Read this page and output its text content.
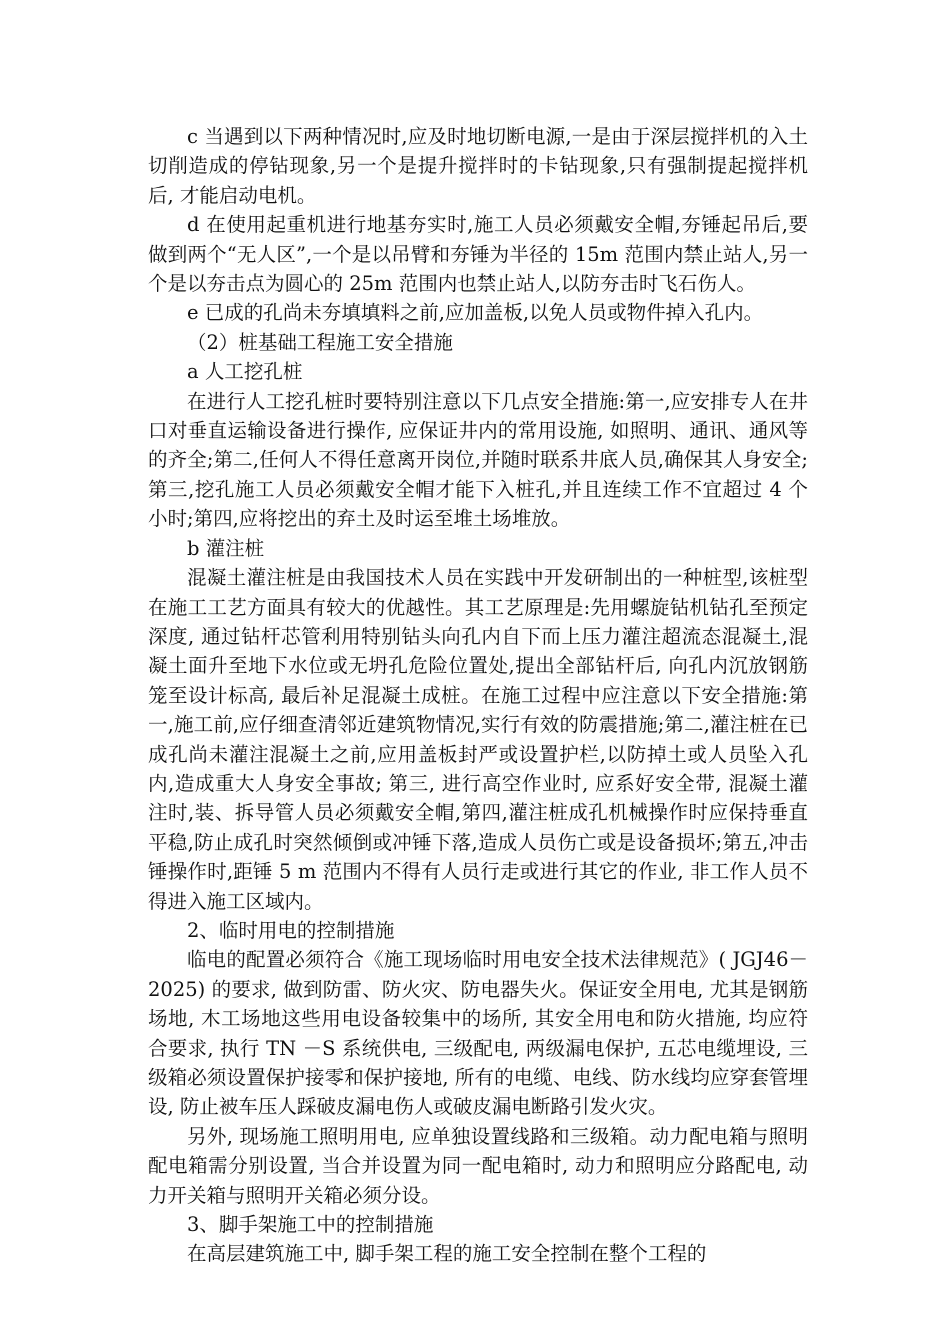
c 当遇到以下两种情况时,应及时地切断电源,一是由于深层搅拌机的入土切削造成的停钻现象,另一个是提升搅拌时的卡钻现象,只有强制提起搅拌机后, 才能启动电机。

d 在使用起重机进行地基夯实时,施工人员必须戴安全帽,夯锤起吊后,要做到两个“无人区”,一个是以吊臂和夯锤为半径的 15m 范围内禁止站人,另一个是以夯击点为圆心的 25m 范围内也禁止站人,以防夯击时飞石伤人。

e 已成的孔尚未夯填填料之前,应加盖板,以免人员或物件掉入孔内。

（2）桩基础工程施工安全措施

a 人工挖孔桩

在进行人工挖孔桩时要特别注意以下几点安全措施:第一,应安排专人在井口对垂直运输设备进行操作, 应保证井内的常用设施, 如照明、通讯、通风等的齐全;第二,任何人不得任意离开岗位,并随时联系井底人员,确保其人身安全;第三,挖孔施工人员必须戴安全帽才能下入桩孔,并且连续工作不宜超过 4 个小时;第四,应将挖出的弃土及时运至堆土场堆放。

b 灌注桩

混凝土灌注桩是由我国技术人员在实践中开发研制出的一种桩型,该桩型在施工工艺方面具有较大的优越性。其工艺原理是:先用螺旋钻机钻孔至预定深度, 通过钻杆芯管利用特别钻头向孔内自下而上压力灌注超流态混凝土,混凝土面升至地下水位或无坍孔危险位置处,提出全部钻杆后, 向孔内沉放钢筋笼至设计标高, 最后补足混凝土成桩。在施工过程中应注意以下安全措施:第一,施工前,应仔细查清邻近建筑物情况,实行有效的防震措施;第二,灌注桩在已成孔尚未灌注混凝土之前,应用盖板封严或设置护栏,以防掉土或人员坠入孔内,造成重大人身安全事故; 第三, 进行高空作业时, 应系好安全带, 混凝土灌注时,装、拆导管人员必须戴安全帽,第四,灌注桩成孔机械操作时应保持垂直平稳,防止成孔时突然倾倒或冲锤下落,造成人员伤亡或是设备损坏;第五,冲击锤操作时,距锤 5 m 范围内不得有人员行走或进行其它的作业, 非工作人员不得进入施工区域内。

2、临时用电的控制措施

临电的配置必须符合《施工现场临时用电安全技术法律规范》( JGJ46－2025) 的要求, 做到防雷、防火灾、防电器失火。保证安全用电, 尤其是钢筋场地, 木工场地这些用电设备较集中的场所, 其安全用电和防火措施, 均应符合要求, 执行 TN －S 系统供电, 三级配电, 两级漏电保护, 五芯电缆埋设, 三级箱必须设置保护接零和保护接地, 所有的电缆、电线、防水线均应穿套管埋设, 防止被车压人踩破皮漏电伤人或破皮漏电断路引发火灾。

另外, 现场施工照明用电, 应单独设置线路和三级箱。动力配电箱与照明配电箱需分别设置, 当合并设置为同一配电箱时, 动力和照明应分路配电, 动力开关箱与照明开关箱必须分设。

3、脚手架施工中的控制措施

在高层建筑施工中, 脚手架工程的施工安全控制在整个工程的
